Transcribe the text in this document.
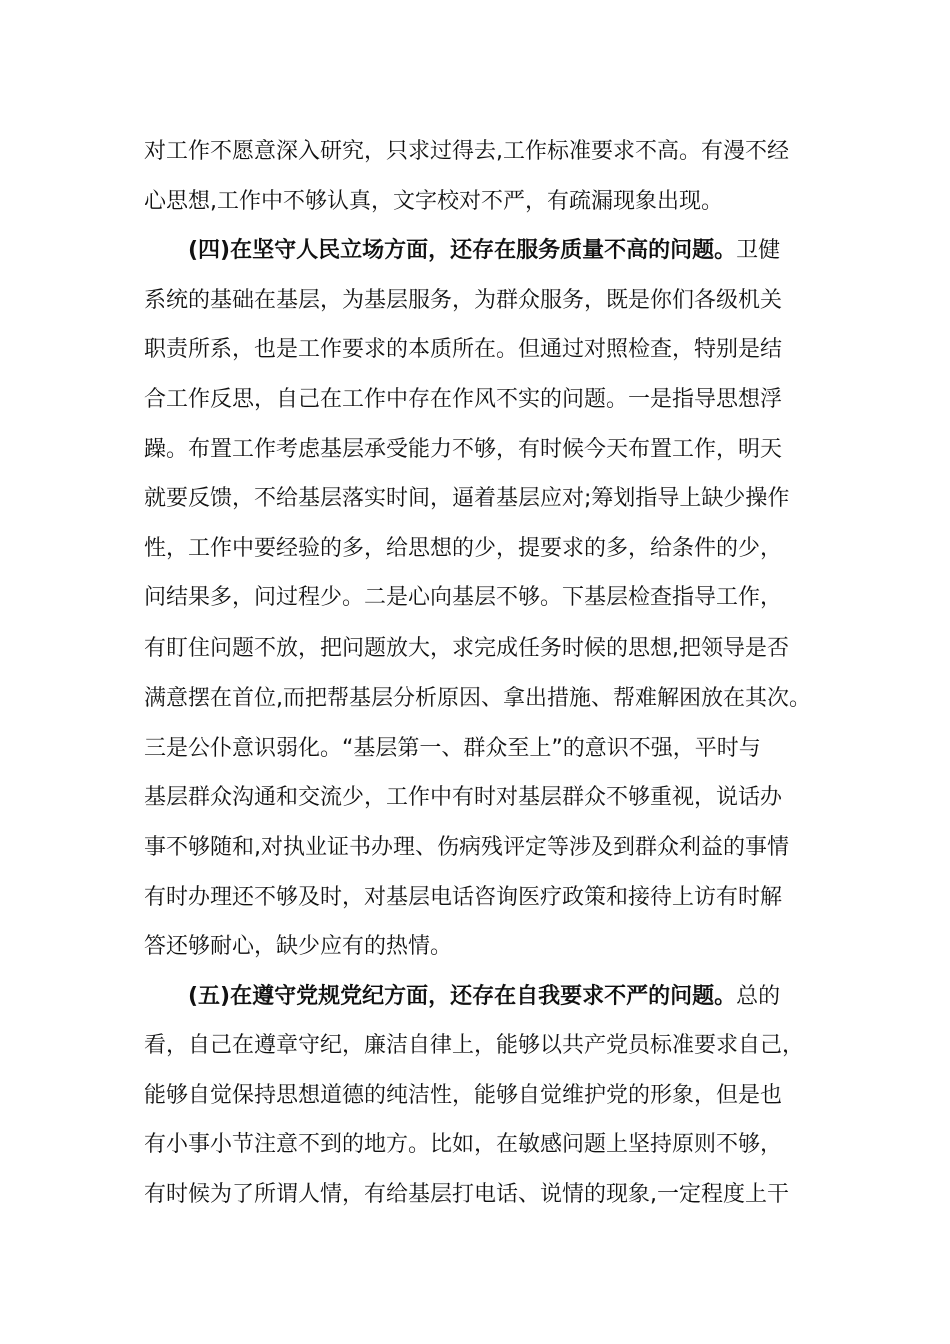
对工作不愿意深入研究，只求过得去,工作标准要求不高。有漫不经
心思想,工作中不够认真，文字校对不严，有疏漏现象出现。
(四)在坚守人民立场方面，还存在服务质量不高的问题。卫健
系统的基础在基层，为基层服务，为群众服务，既是你们各级机关
职责所系，也是工作要求的本质所在。但通过对照检查，特别是结
合工作反思，自己在工作中存在作风不实的问题。一是指导思想浮
躁。布置工作考虑基层承受能力不够，有时候今天布置工作，明天
就要反馈，不给基层落实时间，逼着基层应对;筹划指导上缺少操作
性，工作中要经验的多，给思想的少，提要求的多，给条件的少，
问结果多，问过程少。二是心向基层不够。下基层检查指导工作，
有盯住问题不放，把问题放大，求完成任务时候的思想,把领导是否
满意摆在首位,而把帮基层分析原因、拿出措施、帮难解困放在其次。
三是公仆意识弱化。“基层第一、群众至上”的意识不强，平时与
基层群众沟通和交流少，工作中有时对基层群众不够重视，说话办
事不够随和,对执业证书办理、伤病残评定等涉及到群众利益的事情
有时办理还不够及时，对基层电话咨询医疗政策和接待上访有时解
答还够耐心，缺少应有的热情。
(五)在遵守党规党纪方面，还存在自我要求不严的问题。总的
看，自己在遵章守纪，廉洁自律上，能够以共产党员标准要求自己，
能够自觉保持思想道德的纯洁性，能够自觉维护党的形象，但是也
有小事小节注意不到的地方。比如，在敏感问题上坚持原则不够，
有时候为了所谓人情，有给基层打电话、说情的现象,一定程度上干
